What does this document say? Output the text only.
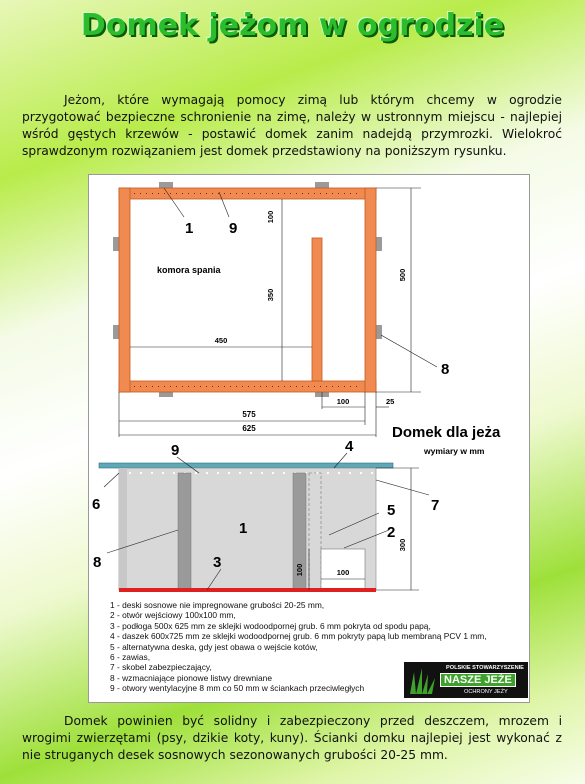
Domek jeżom w ogrodzie
Jeżom, które wymagają pomocy zimą lub którym chcemy w ogrodzie przygotować bezpieczne schronienie na zimę, należy w ustronnym miejscu - najlepiej wśród gęstych krzewów - postawić domek zanim nadejdą przymrozki. Wielokroć sprawdzonym rozwiązaniem jest domek przedstawiony na poniższym rysunku.
komora spania
100
350
450
500
100	25
575
625
1 9
8
Domek dla jeża
wymiary w mm
300
100	100
9	4
6	7
1
5
2
8	3
1 - deski sosnowe nie impregnowane grubości 20-25 mm,
2 - otwór wejściowy 100x100 mm,
3 - podłoga 500x 625 mm ze sklejki wodoodpornej grub. 6 mm pokryta od spodu papą,
4 - daszek 600x725 mm ze sklejki wodoodpornej grub. 6 mm pokryty papą lub membraną PCV 1 mm,
5 - alternatywna deska, gdy jest obawa o wejście kotów,
6 - zawias,
7 - skobel zabezpieczający,
8 - wzmacniające pionowe listwy drewniane
9 - otwory wentylacyjne 8 mm co 50 mm w ściankach przeciwległych
POLSKIE STOWARZYSZENIE
NASZE JEŻE
OCHRONY JEŻY
Domek powinien być solidny i zabezpieczony przed deszczem, mrozem i wrogimi zwierzętami (psy, dzikie koty, kuny). Ścianki domku najlepiej jest wykonać z nie struganych desek sosnowych sezonowanych grubości 20-25 mm.
